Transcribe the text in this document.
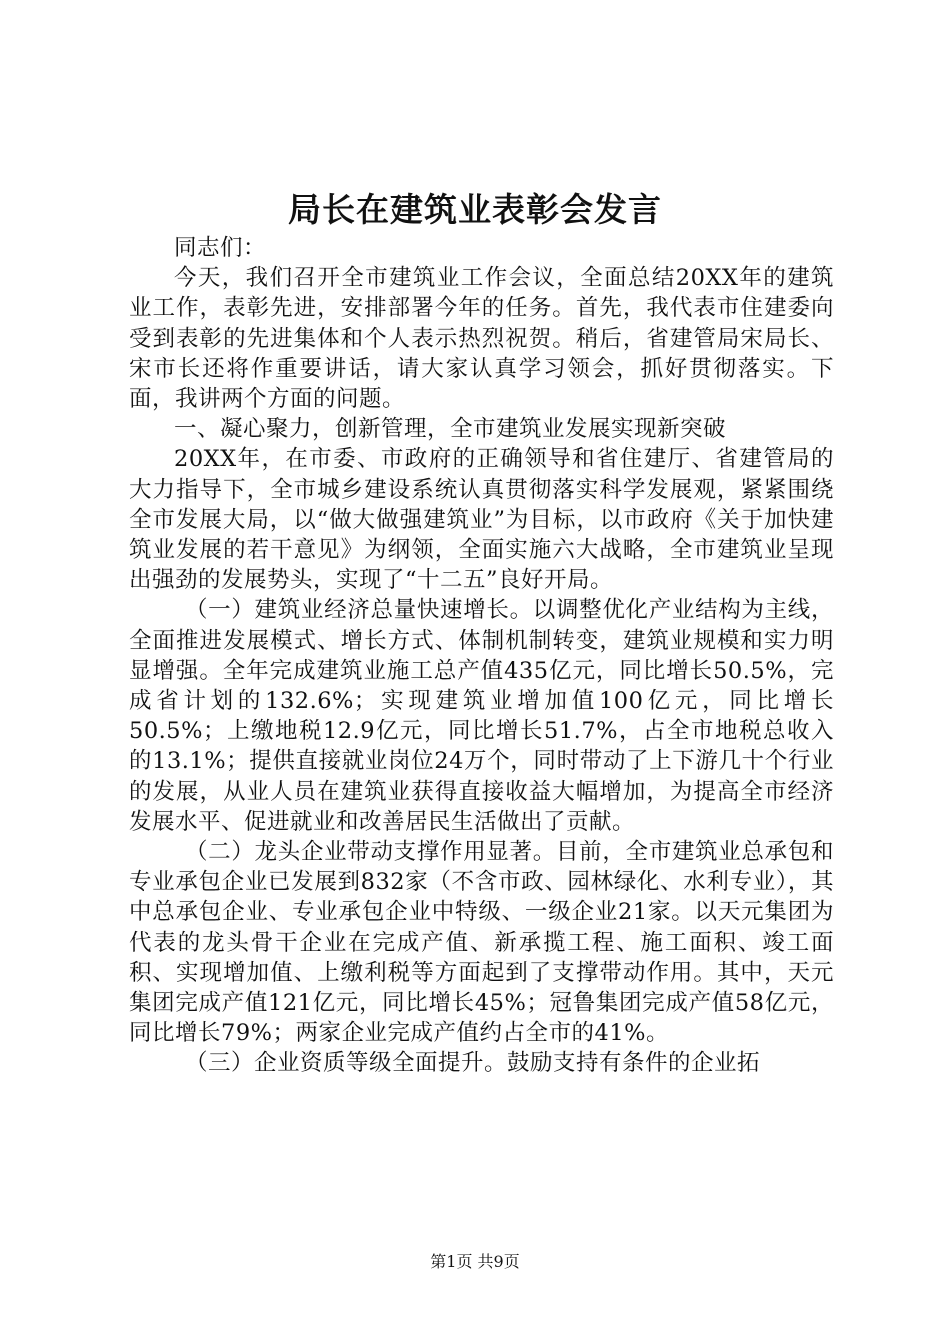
局长在建筑业表彰会发言

同志们：

今天，我们召开全市建筑业工作会议，全面总结20XX年的建筑业工作，表彰先进，安排部署今年的任务。首先，我代表市住建委向受到表彰的先进集体和个人表示热烈祝贺。稍后，省建管局宋局长、宋市长还将作重要讲话，请大家认真学习领会，抓好贯彻落实。下面，我讲两个方面的问题。

一、凝心聚力，创新管理，全市建筑业发展实现新突破

20XX年，在市委、市政府的正确领导和省住建厅、省建管局的大力指导下，全市城乡建设系统认真贯彻落实科学发展观，紧紧围绕全市发展大局，以“做大做强建筑业”为目标，以市政府《关于加快建筑业发展的若干意见》为纲领，全面实施六大战略，全市建筑业呈现出强劲的发展势头，实现了“十二五”良好开局。

（一）建筑业经济总量快速增长。以调整优化产业结构为主线，全面推进发展模式、增长方式、体制机制转变，建筑业规模和实力明显增强。全年完成建筑业施工总产值435亿元，同比增长50.5%，完成省计划的132.6%；实现建筑业增加值100亿元，同比增长50.5%；上缴地税12.9亿元，同比增长51.7%，占全市地税总收入的13.1%；提供直接就业岗位24万个，同时带动了上下游几十个行业的发展，从业人员在建筑业获得直接收益大幅增加，为提高全市经济发展水平、促进就业和改善居民生活做出了贡献。

（二）龙头企业带动支撑作用显著。目前，全市建筑业总承包和专业承包企业已发展到832家（不含市政、园林绿化、水利专业），其中总承包企业、专业承包企业中特级、一级企业21家。以天元集团为代表的龙头骨干企业在完成产值、新承揽工程、施工面积、竣工面积、实现增加值、上缴利税等方面起到了支撑带动作用。其中，天元集团完成产值121亿元，同比增长45%；冠鲁集团完成产值58亿元，同比增长79%；两家企业完成产值约占全市的41%。

（三）企业资质等级全面提升。鼓励支持有条件的企业拓

第1页 共9页
